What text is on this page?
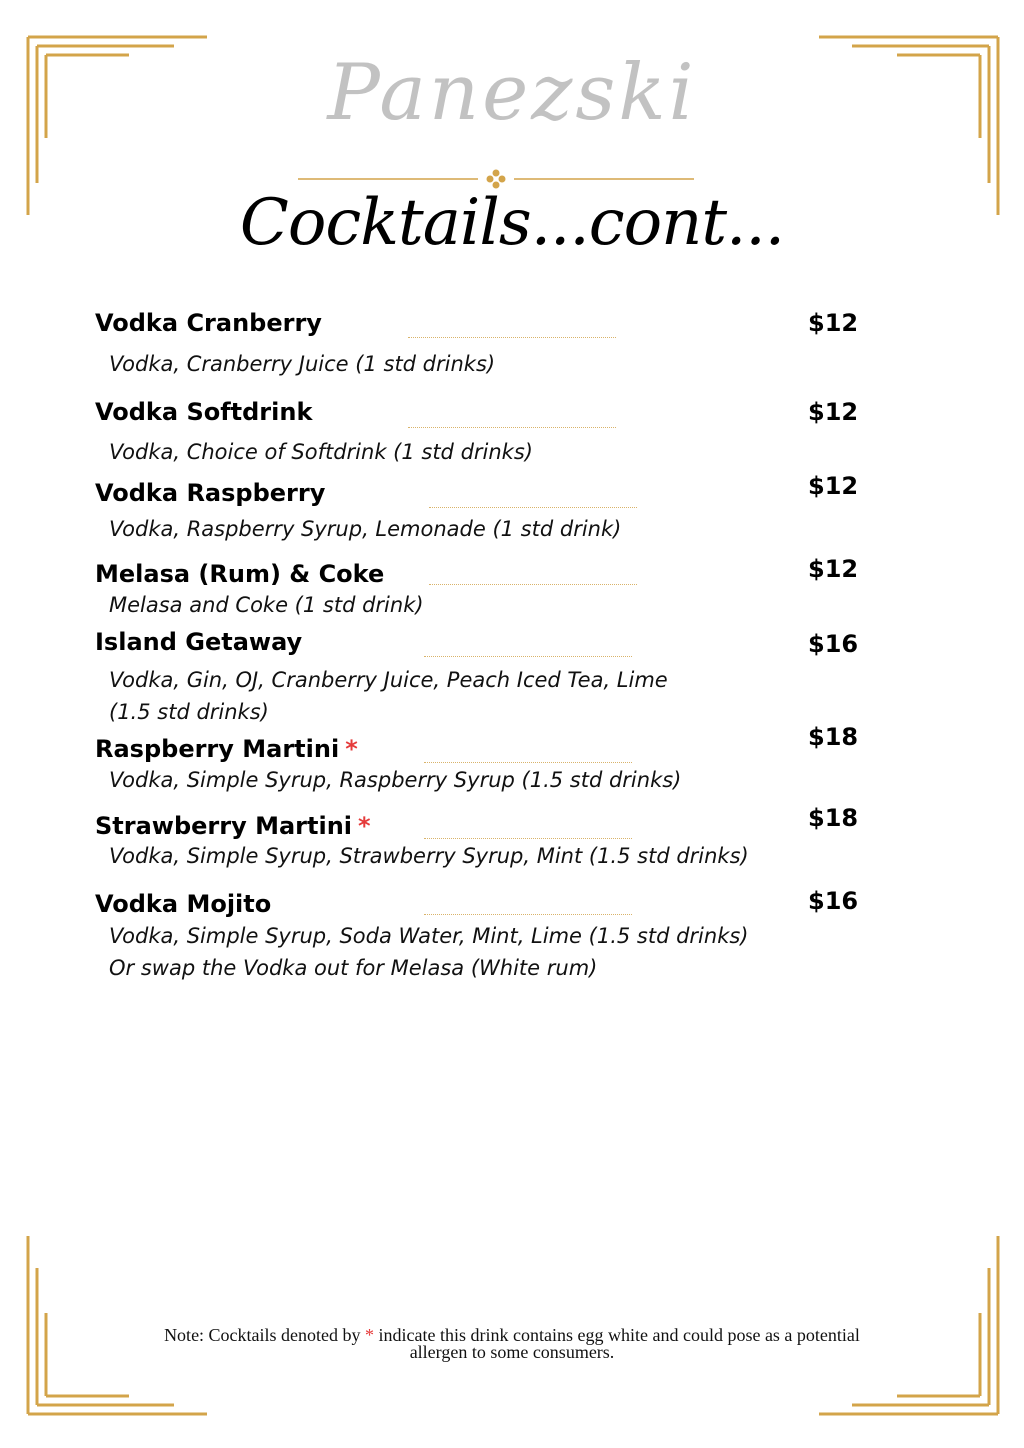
Panezski
Cocktails...cont...
Vodka Cranberry	$12
Vodka, Cranberry Juice (1 std drinks)
Vodka Softdrink	$12
Vodka, Choice of Softdrink (1 std drinks)
Vodka Raspberry	$12
Vodka, Raspberry Syrup, Lemonade (1 std drink)
Melasa (Rum) & Coke	$12
Melasa and Coke (1 std drink)
Island Getaway	$16
Vodka, Gin, OJ, Cranberry Juice, Peach Iced Tea, Lime
(1.5 std drinks)
Raspberry Martini *	$18
Vodka, Simple Syrup, Raspberry Syrup (1.5 std drinks)
Strawberry Martini *	$18
Vodka, Simple Syrup, Strawberry Syrup, Mint (1.5 std drinks)
Vodka Mojito	$16
Vodka, Simple Syrup, Soda Water, Mint, Lime (1.5 std drinks)
Or swap the Vodka out for Melasa (White rum)
Note: Cocktails denoted by * indicate this drink contains egg white and could pose as a potential
allergen to some consumers.
